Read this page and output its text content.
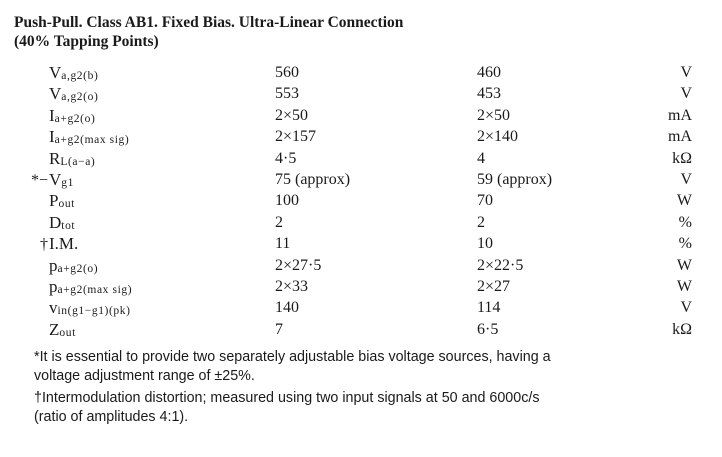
Push-Pull. Class AB1. Fixed Bias. Ultra-Linear Connection
(40% Tapping Points)
Va,g2(b)	560	460	V
Va,g2(o)	553	453	V
Ia+g2(o)	2×50	2×50	mA
Ia+g2(max sig)	2×157	2×140	mA
RL(a−a)	4·5	4	kΩ
*−Vg1	75 (approx)	59 (approx)	V
Pout	100	70	W
Dtot	2	2	%
†I.M.	11	10	%
pa+g2(o)	2×27·5	2×22·5	W
pa+g2(max sig)	2×33	2×27	W
vin(g1−g1)(pk)	140	114	V
Zout	7	6·5	kΩ
*It is essential to provide two separately adjustable bias voltage sources, having a
voltage adjustment range of ±25%.
†Intermodulation distortion; measured using two input signals at 50 and 6000c/s
(ratio of amplitudes 4:1).
